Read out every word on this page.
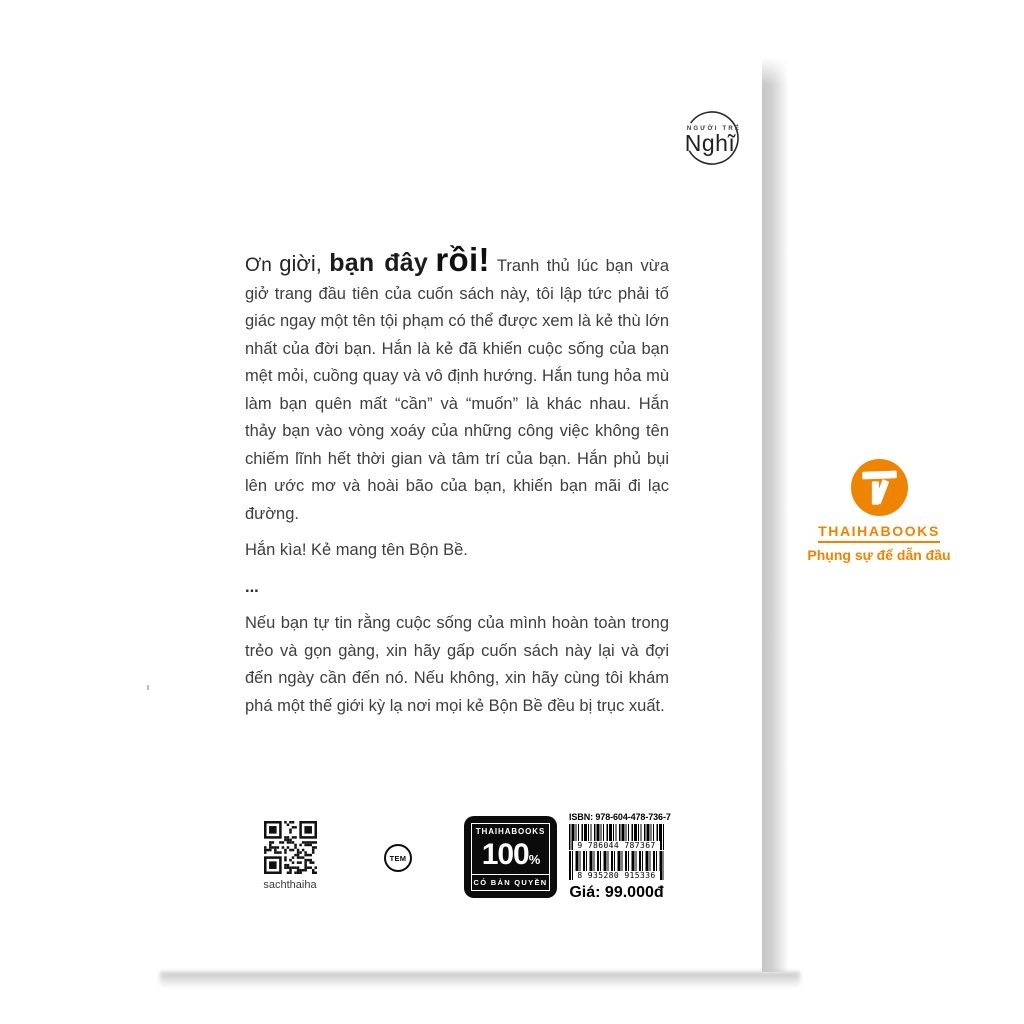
NGƯỜI TRẺ
Nghĩ

Ơn giời, bạn đây rồi! Tranh thủ lúc bạn vừa giở trang đầu tiên của cuốn sách này, tôi lập tức phải tố giác ngay một tên tội phạm có thể được xem là kẻ thù lớn nhất của đời bạn. Hắn là kẻ đã khiến cuộc sống của bạn mệt mỏi, cuồng quay và vô định hướng. Hắn tung hỏa mù làm bạn quên mất “cần” và “muốn” là khác nhau. Hắn thảy bạn vào vòng xoáy của những công việc không tên chiếm lĩnh hết thời gian và tâm trí của bạn. Hắn phủ bụi lên ước mơ và hoài bão của bạn, khiến bạn mãi đi lạc đường.

Hắn kìa! Kẻ mang tên Bộn Bề.

...

Nếu bạn tự tin rằng cuộc sống của mình hoàn toàn trong trẻo và gọn gàng, xin hãy gấp cuốn sách này lại và đợi đến ngày cần đến nó. Nếu không, xin hãy cùng tôi khám phá một thế giới kỳ lạ nơi mọi kẻ Bộn Bề đều bị trục xuất.

THAIHABOOKS
Phụng sự để dẫn đầu
sachthaiha
TEM
THAIHABOOKS
100%
CÓ BẢN QUYỀN
ISBN: 978-604-478-736-7
9 786044 787367
8 935280 915336
Giá: 99.000đ
